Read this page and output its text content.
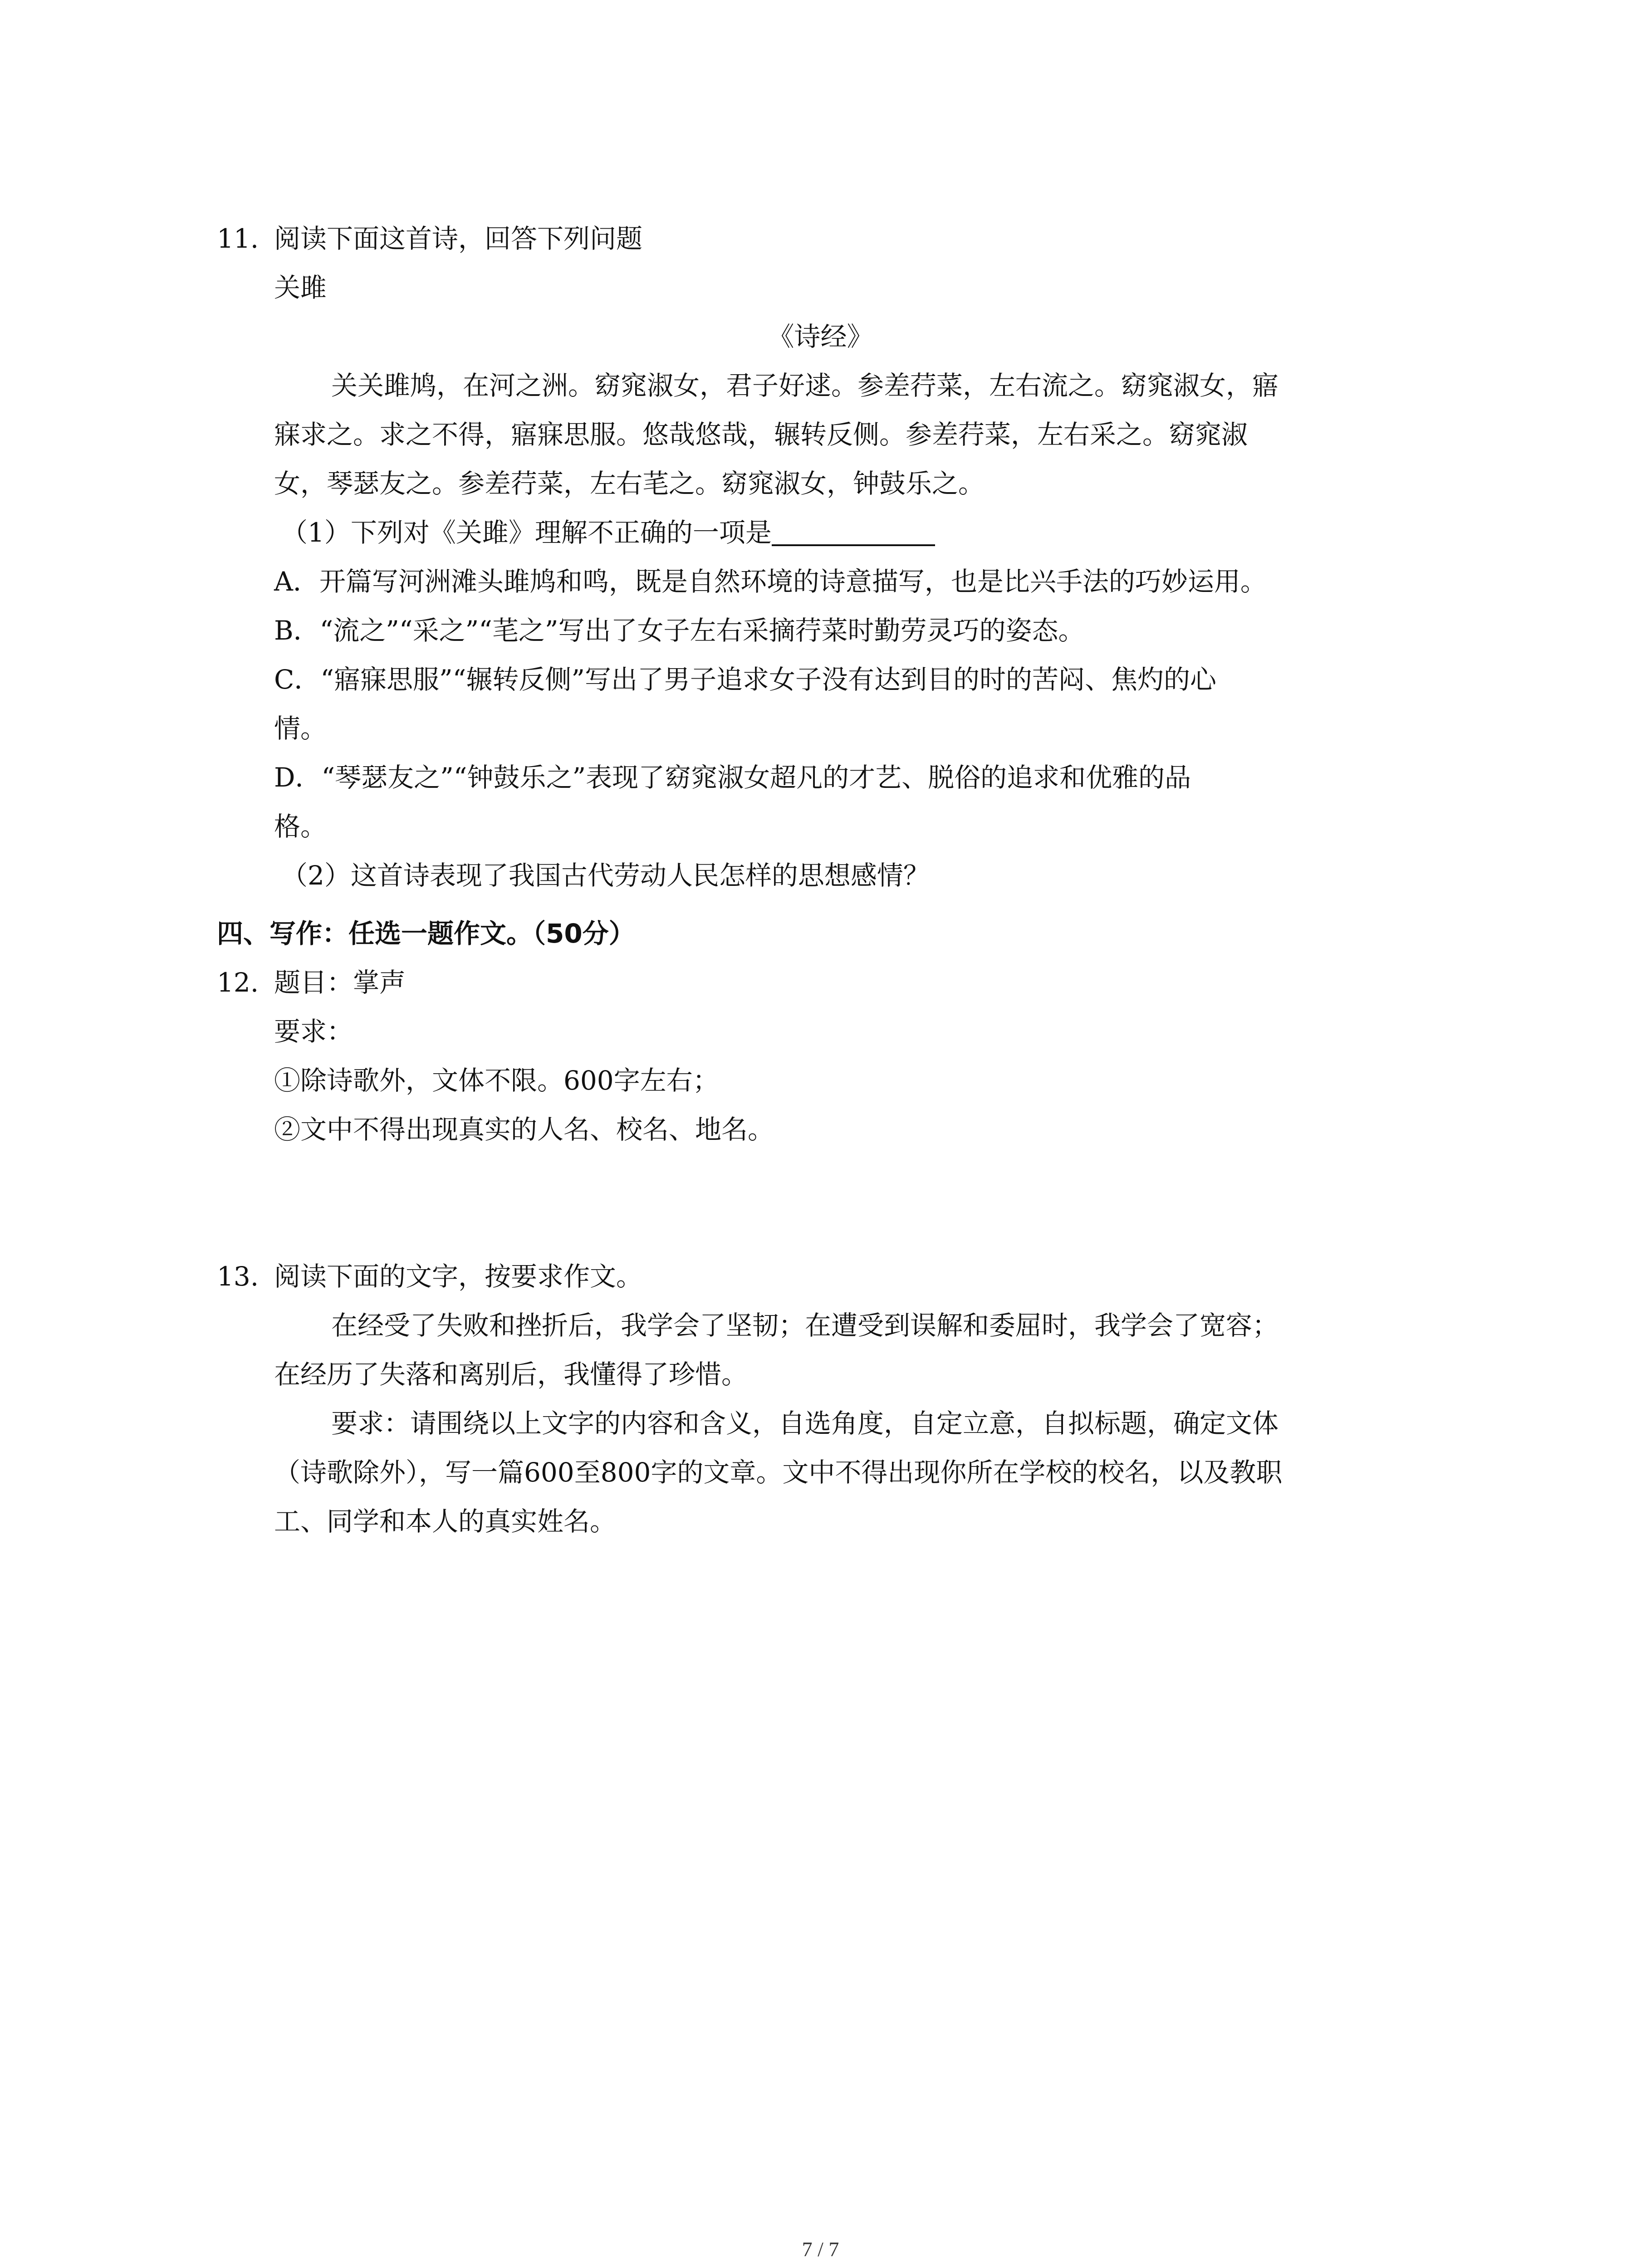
11. 阅读下面这首诗，回答下列问题
关雎
《诗经》
关关雎鸠，在河之洲。窈窕淑女，君子好逑。参差荇菜，左右流之。窈窕淑女，寤
寐求之。求之不得，寤寐思服。悠哉悠哉，辗转反侧。参差荇菜，左右采之。窈窕淑
女，琴瑟友之。参差荇菜，左右芼之。窈窕淑女，钟鼓乐之。
（1）下列对《关雎》理解不正确的一项是
A．开篇写河洲滩头雎鸠和鸣，既是自然环境的诗意描写，也是比兴手法的巧妙运用。
B．“流之”“采之”“芼之”写出了女子左右采摘荇菜时勤劳灵巧的姿态。
C．“寤寐思服”“辗转反侧”写出了男子追求女子没有达到目的时的苦闷、焦灼的心
情。
D．“琴瑟友之”“钟鼓乐之”表现了窈窕淑女超凡的才艺、脱俗的追求和优雅的品
格。
（2）这首诗表现了我国古代劳动人民怎样的思想感情？
四、写作：任选一题作文。（50分）
12. 题目：掌声
要求：
①除诗歌外，文体不限。600字左右；
②文中不得出现真实的人名、校名、地名。
13. 阅读下面的文字，按要求作文。
在经受了失败和挫折后，我学会了坚韧；在遭受到误解和委屈时，我学会了宽容；
在经历了失落和离别后，我懂得了珍惜。
要求：请围绕以上文字的内容和含义，自选角度，自定立意，自拟标题，确定文体
（诗歌除外），写一篇600至800字的文章。文中不得出现你所在学校的校名，以及教职
工、同学和本人的真实姓名。
7 / 7
